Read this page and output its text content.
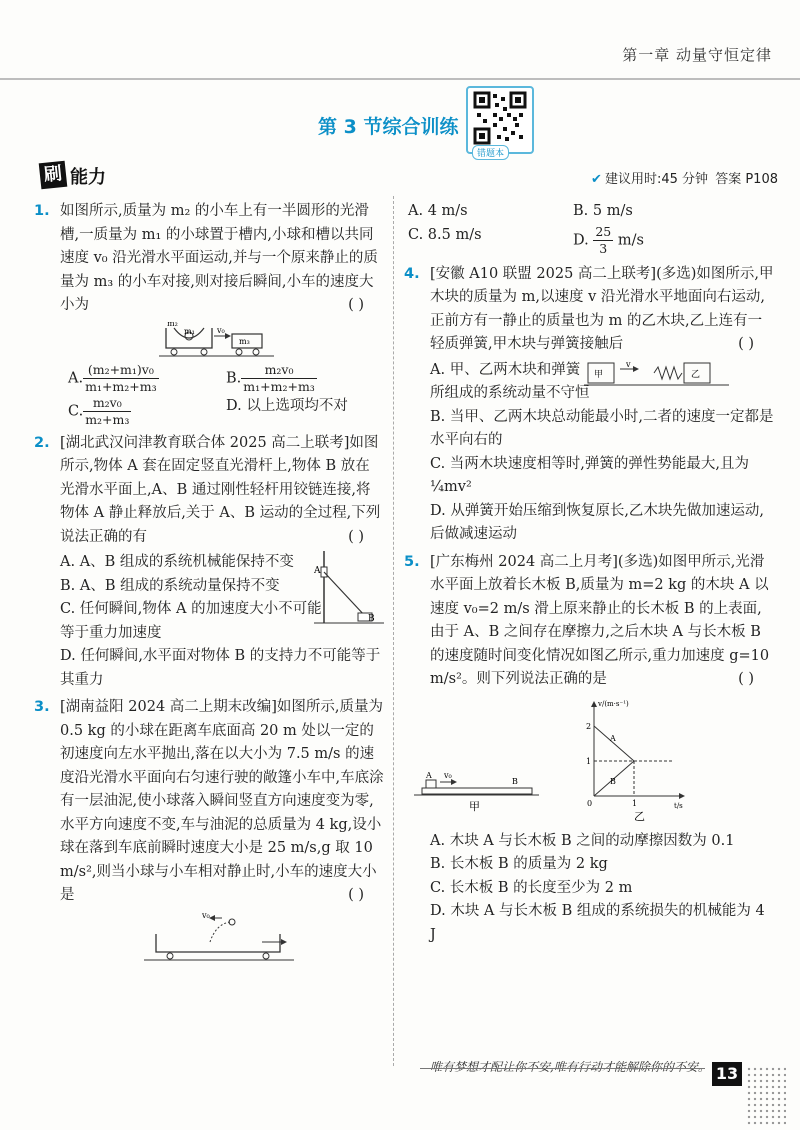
第一章 动量守恒定律
第 3 节综合训练
错题本
刷 能力	✔ 建议用时:45 分钟 答案 P108
1. 如图所示,质量为 m₂ 的小车上有一半圆形的光滑槽,一质量为 m₁ 的小球置于槽内,小球和槽以共同速度 v₀ 沿光滑水平面运动,并与一个原来静止的质量为 m₃ 的小车对接,则对接后瞬间,小车的速度大小为	( )
m₂
m₁	v₀
m₃
A. $\frac{\text{(m₂+m₁)v₀}}{\text{m₁+m₂+m₃}}$	B. $\frac{\text{m₂v₀}}{\text{m₁+m₂+m₃}}$
C. $\frac{\text{m₂v₀}}{\text{m₂+m₃}}$	D. 以上选项均不对
2. [湖北武汉问津教育联合体 2025 高二上联考]如图所示,物体 A 套在固定竖直光滑杆上,物体 B 放在光滑水平面上,A、B 通过刚性轻杆用铰链连接,将物体 A 静止释放后,关于 A、B 运动的全过程,下列说法正确的有	( )
A
B
A. A、B 组成的系统机械能保持不变
B. A、B 组成的系统动量保持不变
C. 任何瞬间,物体 A 的加速度大小不可能等于重力加速度
D. 任何瞬间,水平面对物体 B 的支持力不可能等于其重力
3. [湖南益阳 2024 高二上期末改编]如图所示,质量为 0.5 kg 的小球在距离车底面高 20 m 处以一定的初速度向左水平抛出,落在以大小为 7.5 m/s 的速度沿光滑水平面向右匀速行驶的敞篷小车中,车底涂有一层油泥,使小球落入瞬间竖直方向速度变为零,水平方向速度不变,车与油泥的总质量为 4 kg,设小球在落到车底前瞬时速度大小是 25 m/s,g 取 10 m/s²,则当小球与小车相对静止时,小车的速度大小是	( )
v₀
A. 4 m/s	B. 5 m/s
C. 8.5 m/s	D. $\frac{25}{3} m/s$
4. [安徽 A10 联盟 2025 高二上联考](多选)如图所示,甲木块的质量为 m,以速度 v 沿光滑水平地面向右运动,正前方有一静止的质量也为 m 的乙木块,乙上连有一轻质弹簧,甲木块与弹簧接触后	( )
甲
v
乙
A. 甲、乙两木块和弹簧所组成的系统动量不守恒
B. 当甲、乙两木块总动能最小时,二者的速度一定都是水平向右的
C. 当两木块速度相等时,弹簧的弹性势能最大,且为 ¼mv²
D. 从弹簧开始压缩到恢复原长,乙木块先做加速运动,后做减速运动
5. [广东梅州 2024 高二上月考](多选)如图甲所示,光滑水平面上放着长木板 B,质量为 m=2 kg 的木块 A 以速度 v₀=2 m/s 滑上原来静止的长木板 B 的上表面,由于 A、B 之间存在摩擦力,之后木块 A 与长木板 B 的速度随时间变化情况如图乙所示,重力加速度 g=10 m/s²。则下列说法正确的是	( )
A v₀
B
甲
v/(m·s⁻¹)
t/s
2
1
0	1
A
B
乙
A. 木块 A 与长木板 B 之间的动摩擦因数为 0.1
B. 长木板 B 的质量为 2 kg
C. 长木板 B 的长度至少为 2 m
D. 木块 A 与长木板 B 组成的系统损失的机械能为 4 J
唯有梦想才配让你不安,唯有行动才能解除你的不安。 13
